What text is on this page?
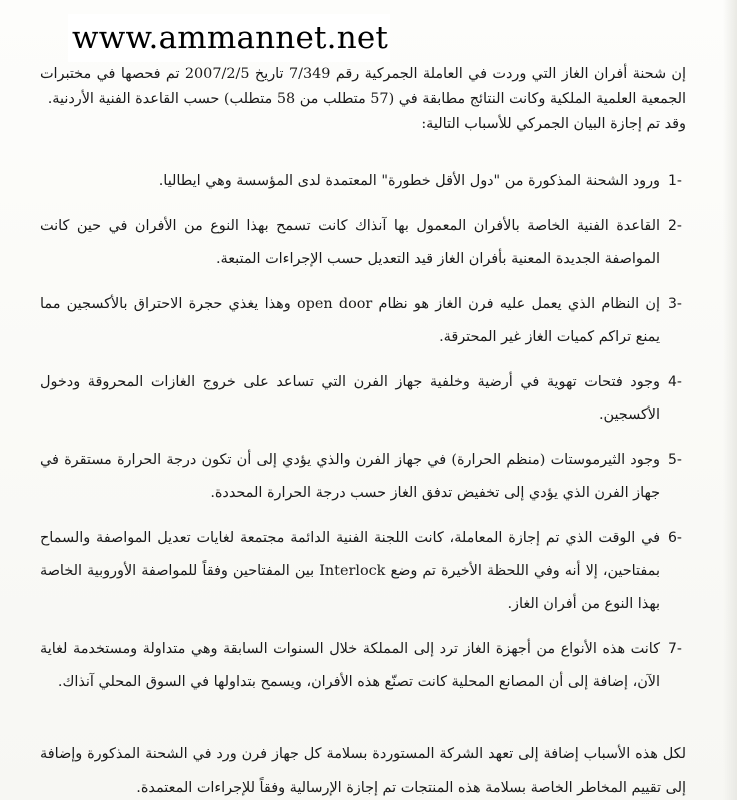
www.ammannet.net

إن شحنة أفران الغاز التي وردت في العاملة الجمركية رقم 7/349 تاريخ 2007/2/5 تم فحصها في مختبرات الجمعية العلمية الملكية وكانت النتائج مطابقة في (57 متطلب من 58 متطلب) حسب القاعدة الفنية الأردنية.

وقد تم إجازة البيان الجمركي للأسباب التالية:

1-
ورود الشحنة المذكورة من "دول الأقل خطورة" المعتمدة لدى المؤسسة وهي ايطاليا.
2-
القاعدة الفنية الخاصة بالأفران المعمول بها آنذاك كانت تسمح بهذا النوع من الأفران في حين كانت المواصفة الجديدة المعنية بأفران الغاز قيد التعديل حسب الإجراءات المتبعة.
3-
إن النظام الذي يعمل عليه فرن الغاز هو نظام open door وهذا يغذي حجرة الاحتراق بالأكسجين مما يمنع تراكم كميات الغاز غير المحترقة.
4-
وجود فتحات تهوية في أرضية وخلفية جهاز الفرن التي تساعد على خروج الغازات المحروقة ودخول الأكسجين.
5-
وجود الثيرموستات (منظم الحرارة) في جهاز الفرن والذي يؤدي إلى أن تكون درجة الحرارة مستقرة في جهاز الفرن الذي يؤدي إلى تخفيض تدفق الغاز حسب درجة الحرارة المحددة.
6-
في الوقت الذي تم إجازة المعاملة، كانت اللجنة الفنية الدائمة مجتمعة لغايات تعديل المواصفة والسماح بمفتاحين، إلا أنه وفي اللحظة الأخيرة تم وضع Interlock بين المفتاحين وفقاً للمواصفة الأوروبية الخاصة بهذا النوع من أفران الغاز.
7-
كانت هذه الأنواع من أجهزة الغاز ترد إلى المملكة خلال السنوات السابقة وهي متداولة ومستخدمة لغاية الآن، إضافة إلى أن المصانع المحلية كانت تصنّع هذه الأفران، ويسمح بتداولها في السوق المحلي آنذاك.

لكل هذه الأسباب إضافة إلى تعهد الشركة المستوردة بسلامة كل جهاز فرن ورد في الشحنة المذكورة وإضافة إلى تقييم المخاطر الخاصة بسلامة هذه المنتجات تم إجازة الإرسالية وفقاً للإجراءات المعتمدة.
